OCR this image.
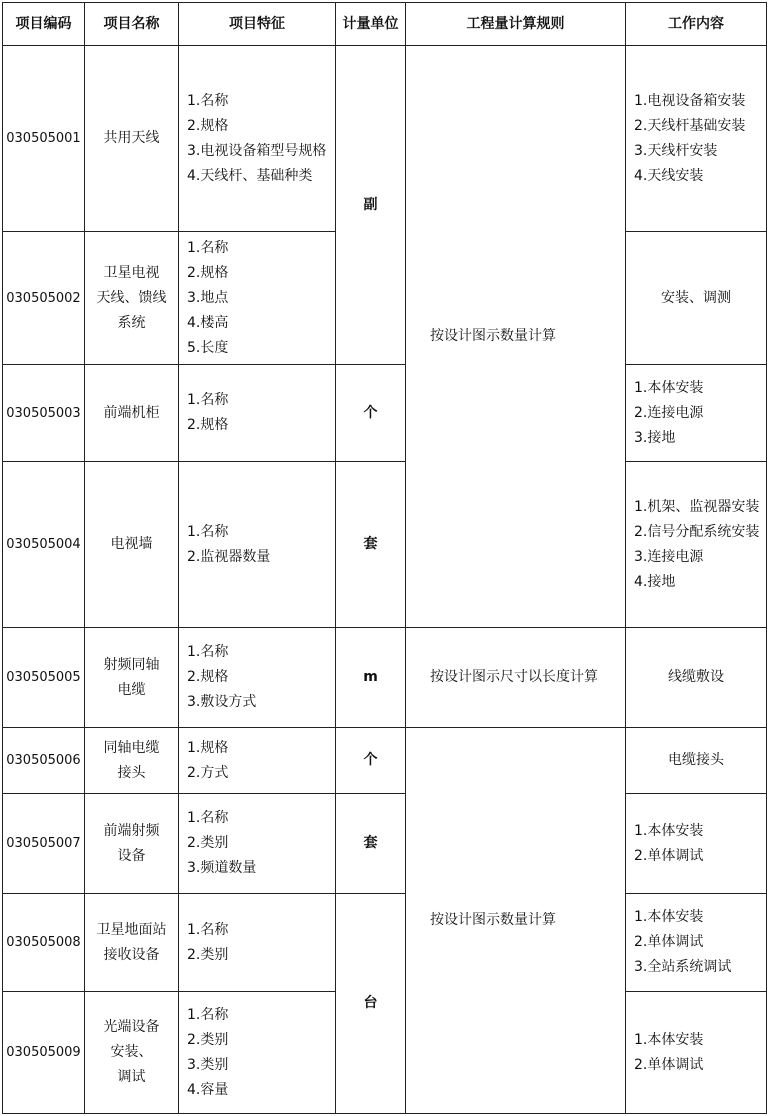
项目编码	项目名称	项目特征	计量单位	工程量计算规则	工作内容
030505001	共用天线	1.名称
2.规格
3.电视设备箱型号规格
4.天线杆、基础种类	副	按设计图示数量计算	1.电视设备箱安装
2.天线杆基础安装
3.天线杆安装
4.天线安装

030505002	卫星电视
天线、馈线
系统	1.名称
2.规格
3.地点
4.楼高
5.长度			安装、调测

030505003	前端机柜	1.名称
2.规格	个		1.本体安装
2.连接电源
3.接地

030505004	电视墙	1.名称
2.监视器数量	套		1.机架、监视器安装
2.信号分配系统安装
3.连接电源
4.接地

030505005	射频同轴
电缆	1.名称
2.规格
3.敷设方式	m	按设计图示尺寸以长度计算	线缆敷设

030505006	同轴电缆
接头	1.规格
2.方式	个	按设计图示数量计算	电缆接头

030505007	前端射频
设备	1.名称
2.类别
3.频道数量	套		1.本体安装
2.单体调试

030505008	卫星地面站
接收设备	1.名称
2.类别	台		1.本体安装
2.单体调试
3.全站系统调试

030505009	光端设备
安装、
调试	1.名称
2.类别
3.类别
4.容量			1.本体安装
2.单体调试
